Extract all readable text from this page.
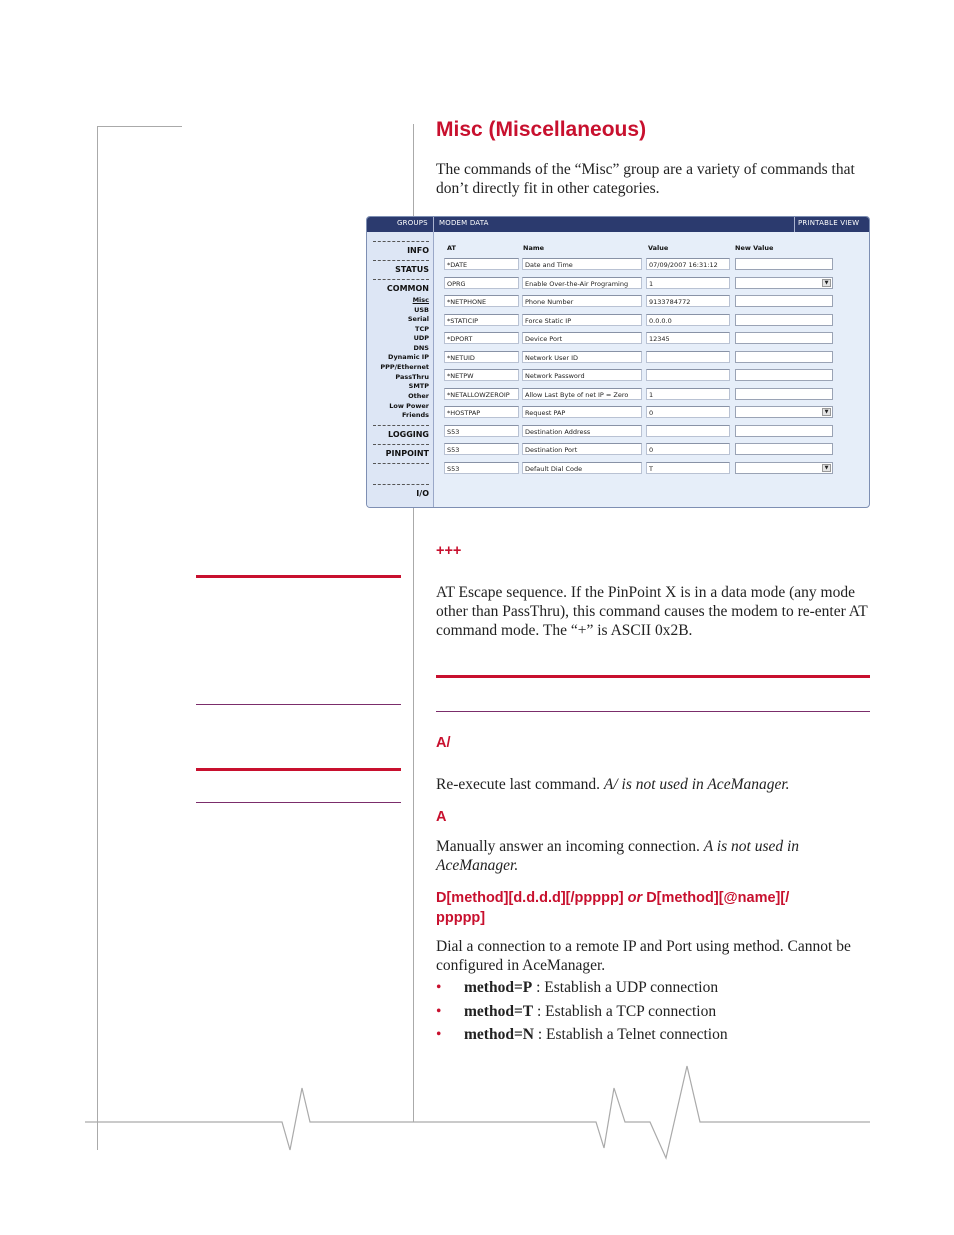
Misc (Miscellaneous)

The commands of the “Misc” group are a variety of commands that don’t directly fit in other categories.

GROUPS MODEM DATA	PRINTABLE VIEW
INFO
STATUS
COMMON
Misc
USB
Serial
TCP
UDP
DNS
Dynamic IP
PPP/Ethernet
PassThru
SMTP
Other
Low Power
Friends
LOGGING
PINPOINT
I/O
AT	Name	Value	New Value
*DATE	Date and Time	07/09/2007 16:31:12
OPRG	Enable Over-the-Air Programing	1	▼
*NETPHONE	Phone Number	9133784772
*STATICIP	Force Static IP	0.0.0.0
*DPORT	Device Port	12345
*NETUID	Network User ID
*NETPW	Network Password
*NETALLOWZEROIP	Allow Last Byte of net IP = Zero	1
*HOSTPAP	Request PAP	0	▼
S53	Destination Address
S53	Destination Port	0
S53	Default Dial Code	T	▼
+++

AT Escape sequence. If the PinPoint X is in a data mode (any mode other than PassThru), this command causes the modem to re-enter AT command mode. The “+” is ASCII 0x2B.

A/

Re-execute last command. A/ is not used in AceManager.

A

Manually answer an incoming connection. A is not used in AceManager.

D[method][d.d.d.d][/ppppp] or D[method][@name][/
ppppp]

Dial a connection to a remote IP and Port using method. Cannot be configured in AceManager.

• method=P : Establish a UDP connection
• method=T : Establish a TCP connection
• method=N : Establish a Telnet connection
